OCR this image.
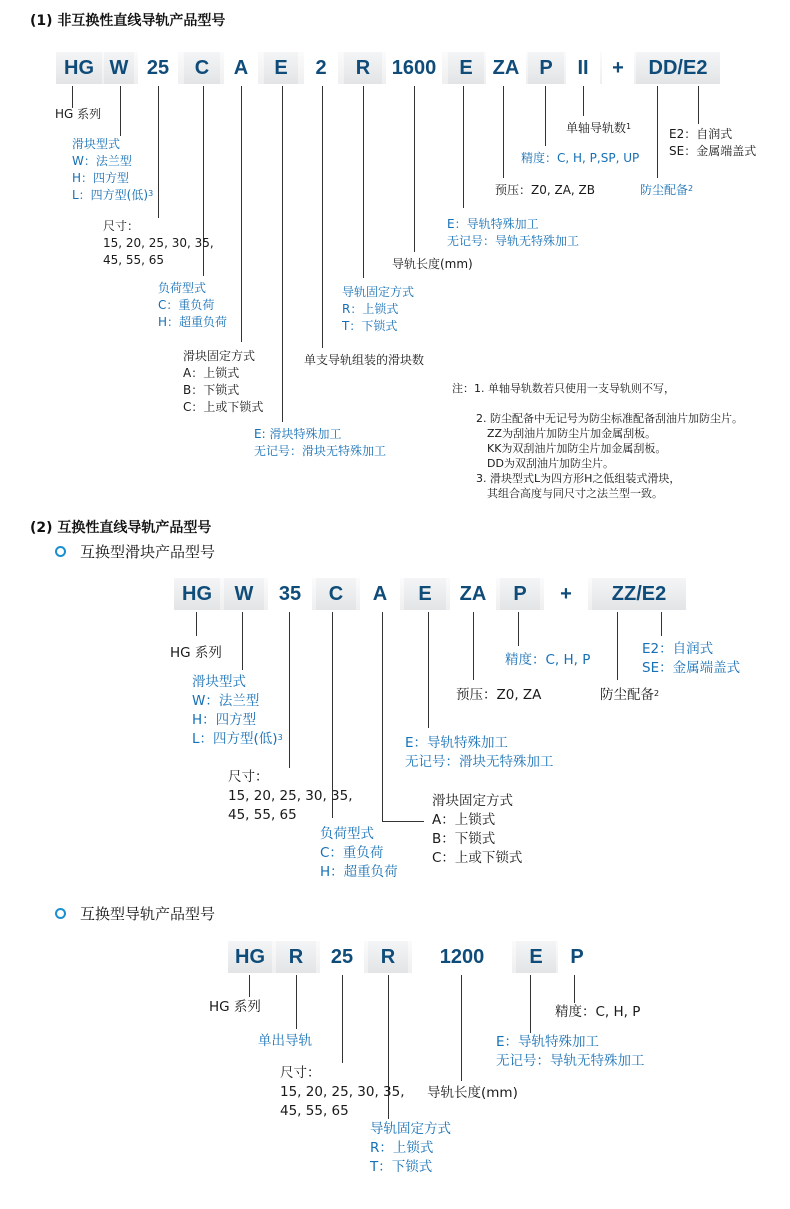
(1) 非互换性直线导轨产品型号
HG W 25	C	A	E	2	R	1600	E ZA	P	II	+	DD/E2
HG 系列
滑块型式
W：法兰型
H：四方型
L：四方型(低)$^3$
尺寸：
15, 20, 25, 30, 35,
45, 55, 65
负荷型式
C：重负荷
H：超重负荷
滑块固定方式
A：上锁式
B：下锁式
C：上或下锁式
E: 滑块特殊加工
无记号：滑块无特殊加工
单支导轨组装的滑块数
导轨固定方式
R：上锁式
T：下锁式
导轨长度(mm)
E：导轨特殊加工
无记号：导轨无特殊加工
预压：Z0, ZA, ZB
精度：C, H, P,SP, UP
单轴导轨数$^1$
防尘配备$^2$
E2：自润式
SE：金属端盖式
注：1. 单轴导轨数若只使用一支导轨则不写，
2. 防尘配备中无记号为防尘标准配备刮油片加防尘片。
ZZ为刮油片加防尘片加金属刮板。
KK为双刮油片加防尘片加金属刮板。
DD为双刮油片加防尘片。
3. 滑块型式L为四方形H之低组装式滑块，
其组合高度与同尺寸之法兰型一致。
(2) 互换性直线导轨产品型号
互换型滑块产品型号
HG	W	35	C	A	E	ZA	P	+	ZZ/E2
HG 系列
滑块型式
W：法兰型
H：四方型
L：四方型(低)$^3$
尺寸：
15, 20, 25, 30, 35,
45, 55, 65
负荷型式
C：重负荷
H：超重负荷
滑块固定方式
A：上锁式
B：下锁式
C：上或下锁式
E：导轨特殊加工
无记号：滑块无特殊加工
预压：Z0, ZA
精度：C, H, P
防尘配备$^2$
E2：自润式
SE：金属端盖式
互换型导轨产品型号
HG	R	25	R	1200	E	P
HG 系列
单出导轨
尺寸：
15, 20, 25, 30, 35,
45, 55, 65
导轨固定方式
R：上锁式
T：下锁式
导轨长度(mm)
E：导轨特殊加工
无记号：导轨无特殊加工
精度：C, H, P
